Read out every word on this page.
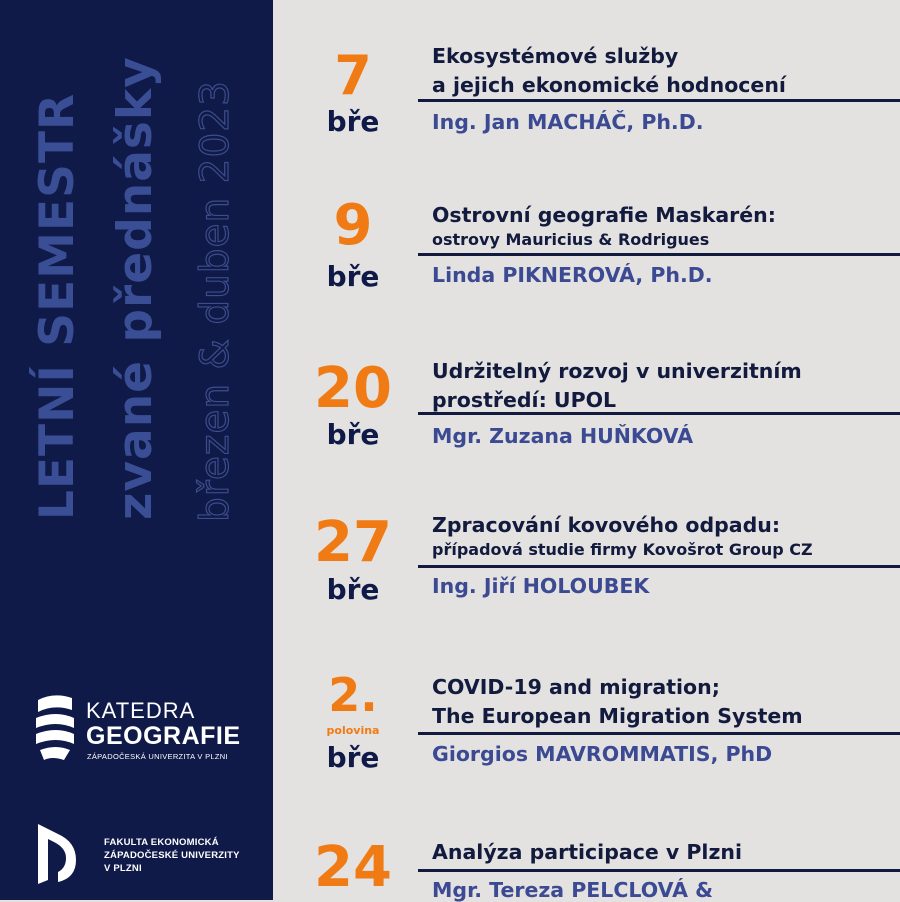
LETNÍ SEMESTR zvané přednášky březen & duben 2023
KATEDRA
GEOGRAFIE
ZÁPADOČESKÁ UNIVERZITA V PLZNI
FAKULTA EKONOMICKÁ
ZÁPADOČESKÉ UNIVERZITY
V PLZNI
7
bře
Ekosystémové služby
a jejich ekonomické hodnocení
Ing. Jan MACHÁČ, Ph.D.
9
bře
Ostrovní geografie Maskarén:
ostrovy Mauricius & Rodrigues
Linda PIKNEROVÁ, Ph.D.
20
bře
Udržitelný rozvoj v univerzitním
prostředí: UPOL
Mgr. Zuzana HUŇKOVÁ
27
bře
Zpracování kovového odpadu:
případová studie firmy Kovošrot Group CZ
Ing. Jiří HOLOUBEK
2.
polovina
bře
COVID-19 and migration;
The European Migration System
Giorgios MAVROMMATIS, PhD
24	Analýza participace v Plzni
Mgr. Tereza PELCLOVÁ &
